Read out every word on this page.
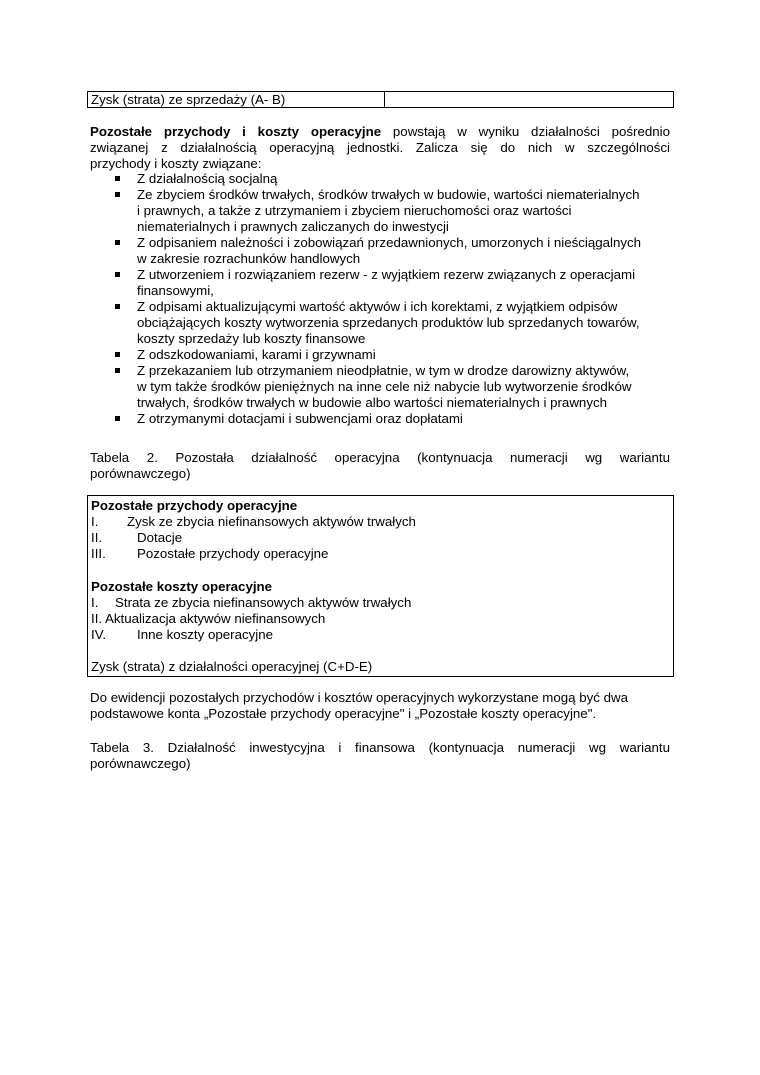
Zysk (strata) ze sprzedaży (A- B)
Pozostałe przychody i koszty operacyjne powstają w wyniku działalności pośrednio
związanej z działalnością operacyjną jednostki. Zalicza się do nich w szczególności
przychody i koszty związane:
Z działalnością socjalną
Ze zbyciem środków trwałych, środków trwałych w budowie, wartości niematerialnych
i prawnych, a także z utrzymaniem i zbyciem nieruchomości oraz wartości
niematerialnych i prawnych zaliczanych do inwestycji
Z odpisaniem należności i zobowiązań przedawnionych, umorzonych i nieściągalnych
w zakresie rozrachunków handlowych
Z utworzeniem i rozwiązaniem rezerw - z wyjątkiem rezerw związanych z operacjami
finansowymi,
Z odpisami aktualizującymi wartość aktywów i ich korektami, z wyjątkiem odpisów
obciążających koszty wytworzenia sprzedanych produktów lub sprzedanych towarów,
koszty sprzedaży lub koszty finansowe
Z odszkodowaniami, karami i grzywnami
Z przekazaniem lub otrzymaniem nieodpłatnie, w tym w drodze darowizny aktywów,
w tym także środków pieniężnych na inne cele niż nabycie lub wytworzenie środków
trwałych, środków trwałych w budowie albo wartości niematerialnych i prawnych
Z otrzymanymi dotacjami i subwencjami oraz dopłatami
Tabela 2. Pozostała działalność operacyjna (kontynuacja numeracji wg wariantu
porównawczego)
Pozostałe przychody operacyjne
I. Zysk ze zbycia niefinansowych aktywów trwałych
II.	Dotacje
III. Pozostałe przychody operacyjne
Pozostałe koszty operacyjne
I. Strata ze zbycia niefinansowych aktywów trwałych
II. Aktualizacja aktywów niefinansowych
IV. Inne koszty operacyjne
Zysk (strata) z działalności operacyjnej (C+D-E)
Do ewidencji pozostałych przychodów i kosztów operacyjnych wykorzystane mogą być dwa
podstawowe konta „Pozostałe przychody operacyjne" i „Pozostałe koszty operacyjne".
Tabela 3. Działalność inwestycyjna i finansowa (kontynuacja numeracji wg wariantu
porównawczego)
